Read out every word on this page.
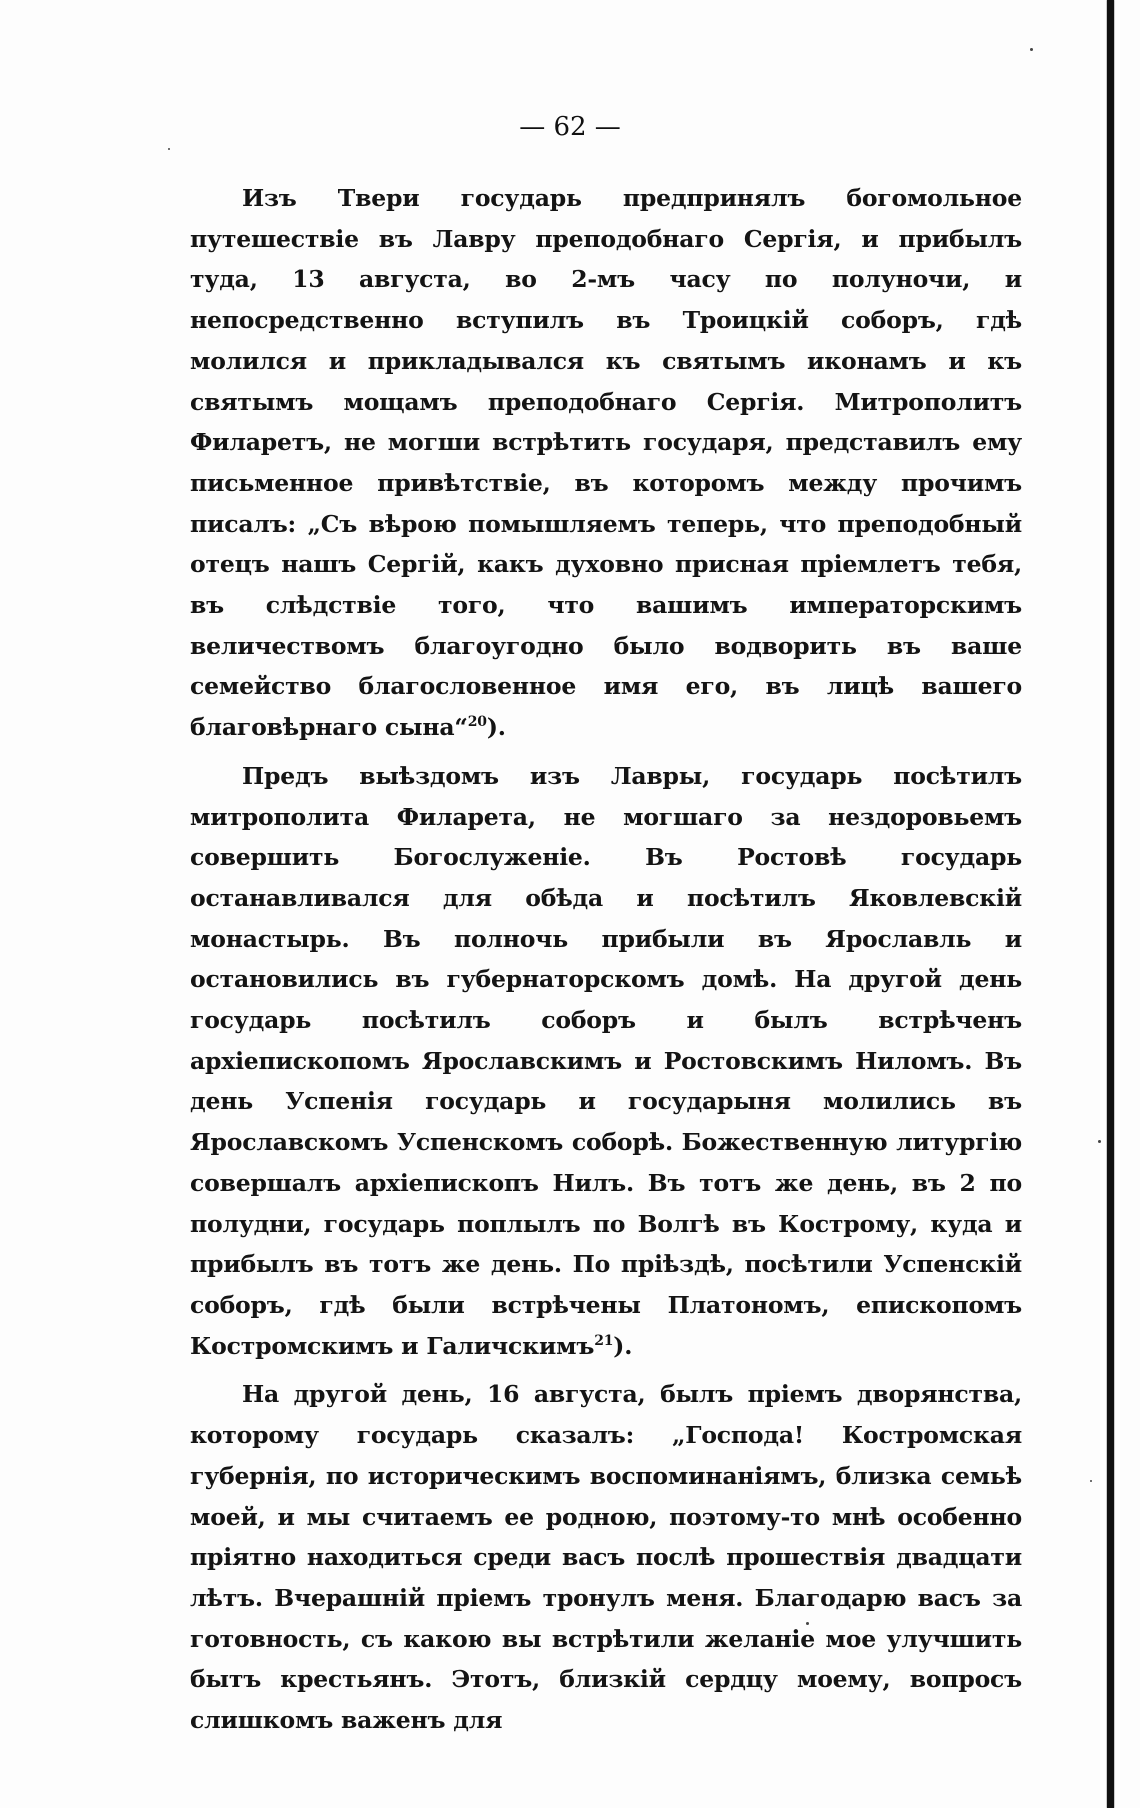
— 62 —

Изъ Твери государь предпринялъ богомольное путешествіе въ Лавру преподобнаго Сергія, и прибылъ туда, 13 августа, во 2-мъ часу по полуночи, и непосредственно вступилъ въ Троицкій соборъ, гдѣ молился и прикладывался къ святымъ иконамъ и къ святымъ мощамъ преподобнаго Сергія. Митрополитъ Филаретъ, не могши встрѣтить государя, представилъ ему письменное привѣтствіе, въ которомъ между прочимъ писалъ: „Съ вѣрою помышляемъ теперь, что преподобный отецъ нашъ Сергій, какъ духовно присная пріемлетъ тебя, въ слѣдствіе того, что вашимъ императорскимъ величествомъ благоугодно было водворить въ ваше семейство благословенное имя его, въ лицѣ вашего благовѣрнаго сына“$^{20}$).

Предъ выѣздомъ изъ Лавры, государь посѣтилъ митрополита Филарета, не могшаго за нездоровьемъ совершить Богослуженіе. Въ Ростовѣ государь останавливался для обѣда и посѣтилъ Яковлевскій монастырь. Въ полночь прибыли въ Ярославль и остановились въ губернаторскомъ домѣ. На другой день государь посѣтилъ соборъ и былъ встрѣченъ архіепископомъ Ярославскимъ и Ростовскимъ Ниломъ. Въ день Успенія государь и государыня молились въ Ярославскомъ Успенскомъ соборѣ. Божественную литургію совершалъ архіепископъ Нилъ. Въ тотъ же день, въ 2 по полудни, государь поплылъ по Волгѣ въ Кострому, куда и прибылъ въ тотъ же день. По пріѣздѣ, посѣтили Успенскій соборъ, гдѣ были встрѣчены Платономъ, епископомъ Костромскимъ и Галичскимъ$^{21}$).

На другой день, 16 августа, былъ пріемъ дворянства, которому государь сказалъ: „Господа! Костромская губернія, по историческимъ воспоминаніямъ, близка семьѣ моей, и мы считаемъ ее родною, поэтому-то мнѣ особенно пріятно находиться среди васъ послѣ прошествія двадцати лѣтъ. Вчерашній пріемъ тронулъ меня. Благодарю васъ за готовность, съ какою вы встрѣтили желаніе мое улучшить бытъ крестьянъ. Этотъ, близкій сердцу моему, вопросъ слишкомъ важенъ для
